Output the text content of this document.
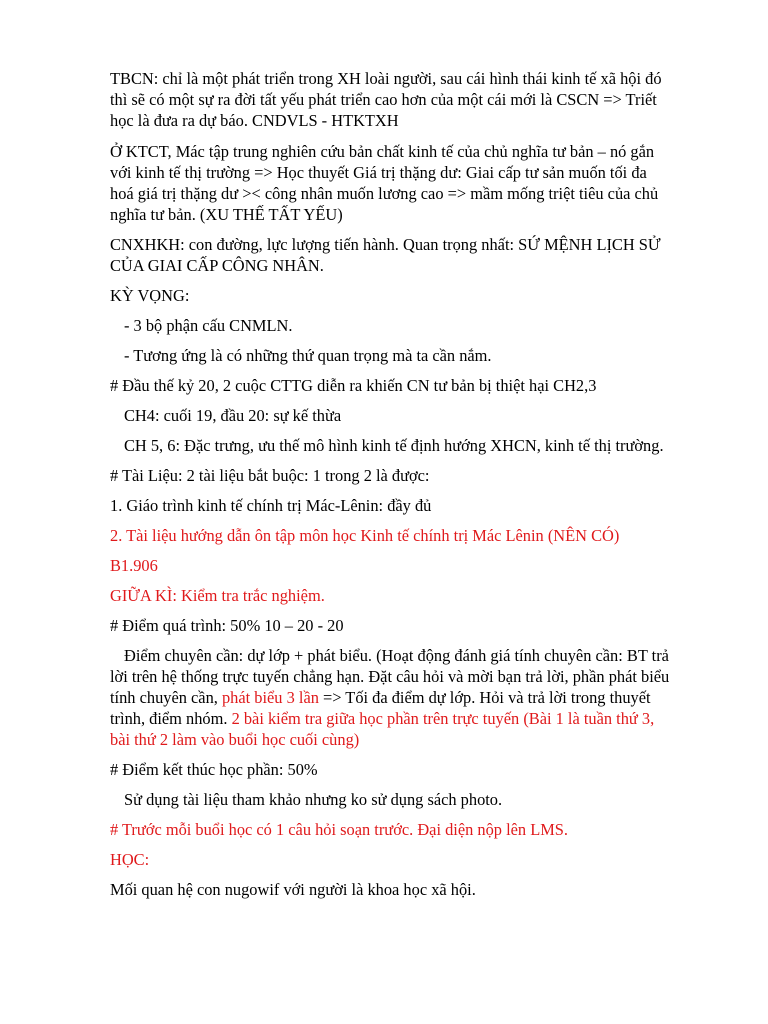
TBCN: chỉ là một phát triển trong XH loài người, sau cái hình thái kinh tế xã hội đó thì sẽ có một sự ra đời tất yếu phát triển cao hơn của một cái mới là CSCN => Triết học là đưa ra dự báo. CNDVLS - HTKTXH

Ở KTCT, Mác tập trung nghiên cứu bản chất kinh tế của chủ nghĩa tư bản – nó gắn với kinh tế thị trường => Học thuyết Giá trị thặng dư: Giai cấp tư sản muốn tối đa hoá giá trị thặng dư >< công nhân muốn lương cao => mầm mống triệt tiêu của chủ nghĩa tư bản. (XU THẾ TẤT YẾU)

CNXHKH: con đường, lực lượng tiến hành. Quan trọng nhất: SỨ MỆNH LỊCH SỬ CỦA GIAI CẤP CÔNG NHÂN.

KỲ VỌNG:

- 3 bộ phận cấu CNMLN.

- Tương ứng là có những thứ quan trọng mà ta cần nắm.

# Đầu thế kỷ 20, 2 cuộc CTTG diễn ra khiến CN tư bản bị thiệt hại CH2,3

CH4: cuối 19, đầu 20: sự kế thừa

CH 5, 6: Đặc trưng, ưu thế mô hình kinh tế định hướng XHCN, kinh tế thị trường.

# Tài Liệu: 2 tài liệu bắt buộc: 1 trong 2 là được:

1. Giáo trình kinh tế chính trị Mác-Lênin: đầy đủ

2. Tài liệu hướng dẫn ôn tập môn học Kinh tế chính trị Mác Lênin (NÊN CÓ)

B1.906

GIỮA KÌ: Kiểm tra trắc nghiệm.

# Điểm quá trình: 50% 10 – 20 - 20

Điểm chuyên cần: dự lớp + phát biểu. (Hoạt động đánh giá tính chuyên cần: BT trả lời trên hệ thống trực tuyến chẳng hạn. Đặt câu hỏi và mời bạn trả lời, phần phát biểu tính chuyên cần, phát biểu 3 lần => Tối đa điểm dự lớp. Hỏi và trả lời trong thuyết trình, điểm nhóm. 2 bài kiểm tra giữa học phần trên trực tuyến (Bài 1 là tuần thứ 3, bài thứ 2 làm vào buổi học cuối cùng)

# Điểm kết thúc học phần: 50%

Sử dụng tài liệu tham khảo nhưng ko sử dụng sách photo.

# Trước mỗi buổi học có 1 câu hỏi soạn trước. Đại diện nộp lên LMS.

HỌC:

Mối quan hệ con nugowif với người là khoa học xã hội.
